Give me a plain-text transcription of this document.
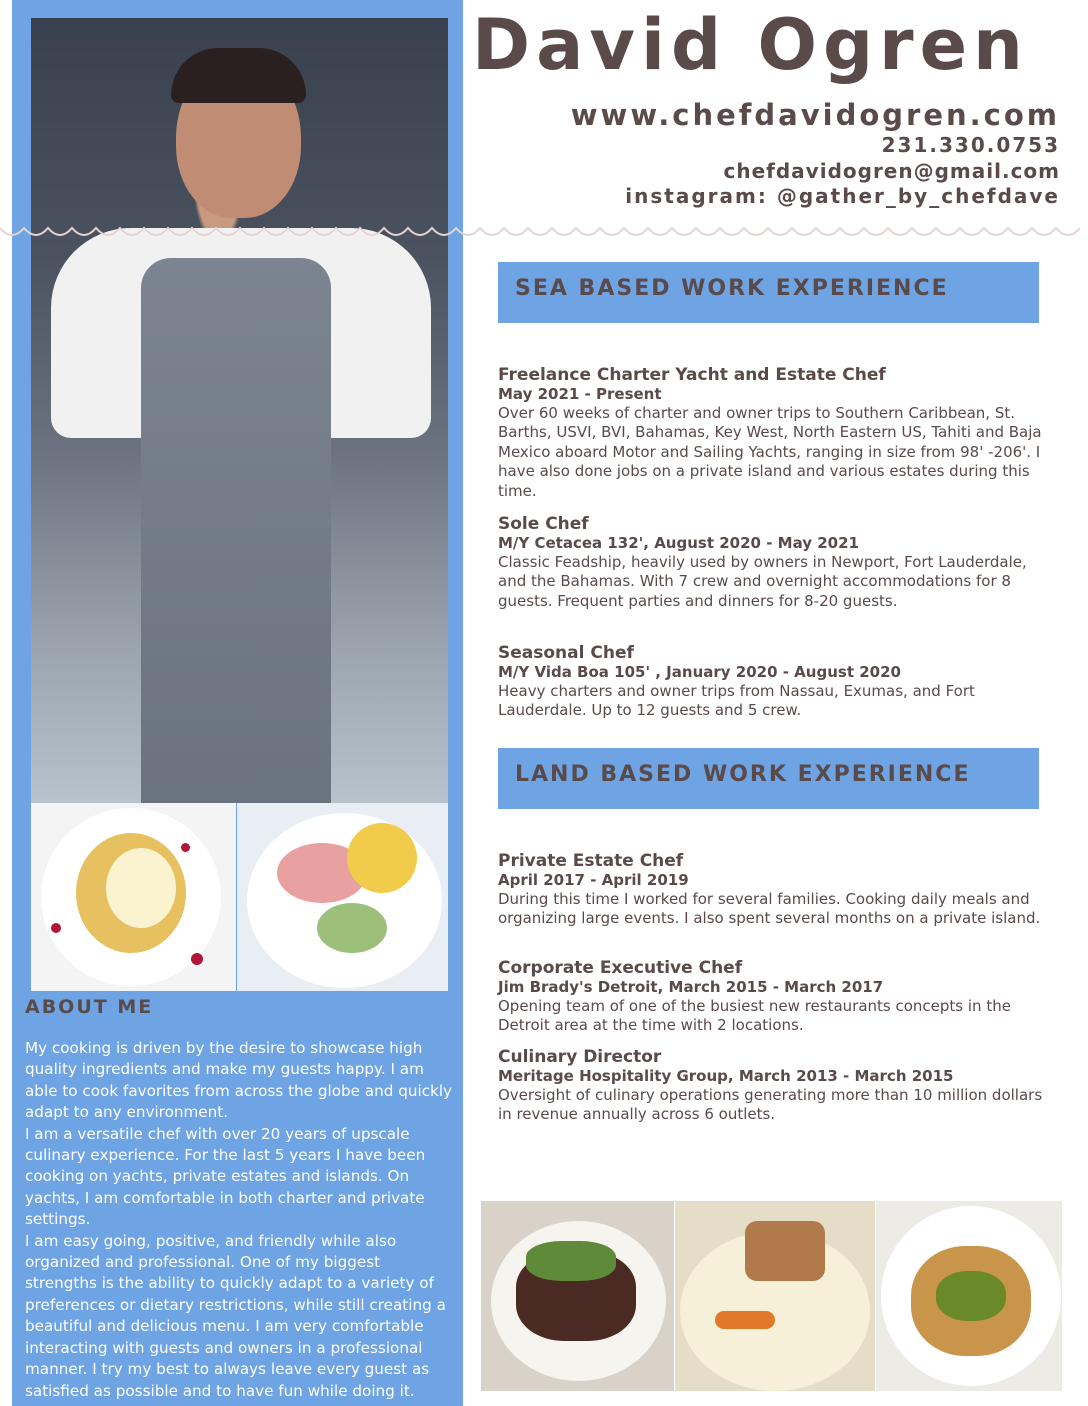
ABOUT ME
My cooking is driven by the desire to showcase high quality ingredients and make my guests happy. I am able to cook favorites from across the globe and quickly adapt to any environment.
I am a versatile chef with over 20 years of upscale culinary experience. For the last 5 years I have been cooking on yachts, private estates and islands. On yachts, I am comfortable in both charter and private settings.
I am easy going, positive, and friendly while also organized and professional. One of my biggest strengths is the ability to quickly adapt to a variety of preferences or dietary restrictions, while still creating a beautiful and delicious menu. I am very comfortable interacting with guests and owners in a professional manner. I try my best to always leave every guest as satisfied as possible and to have fun while doing it.
David Ogren
www.chefdavidogren.com
231.330.0753
chefdavidogren@gmail.com
instagram: @gather_by_chefdave
SEA BASED WORK EXPERIENCE
Freelance Charter Yacht and Estate Chef
May 2021 - Present
Over 60 weeks of charter and owner trips to Southern Caribbean, St. Barths, USVI, BVI, Bahamas, Key West, North Eastern US, Tahiti and Baja Mexico aboard Motor and Sailing Yachts, ranging in size from 98' -206'. I have also done jobs on a private island and various estates during this time.
Sole Chef
M/Y Cetacea 132', August 2020 - May 2021
Classic Feadship, heavily used by owners in Newport, Fort Lauderdale, and the Bahamas. With 7 crew and overnight accommodations for 8 guests. Frequent parties and dinners for 8-20 guests.
Seasonal Chef
M/Y Vida Boa 105' , January 2020 - August 2020
Heavy charters and owner trips from Nassau, Exumas, and Fort Lauderdale. Up to 12 guests and 5 crew.
LAND BASED WORK EXPERIENCE
Private Estate Chef
April 2017 - April 2019
During this time I worked for several families. Cooking daily meals and organizing large events. I also spent several months on a private island.
Corporate Executive Chef
Jim Brady's Detroit, March 2015 - March 2017
Opening team of one of the busiest new restaurants concepts in the Detroit area at the time with 2 locations.
Culinary Director
Meritage Hospitality Group, March 2013 - March 2015
Oversight of culinary operations generating more than 10 million dollars in revenue annually across 6 outlets.
